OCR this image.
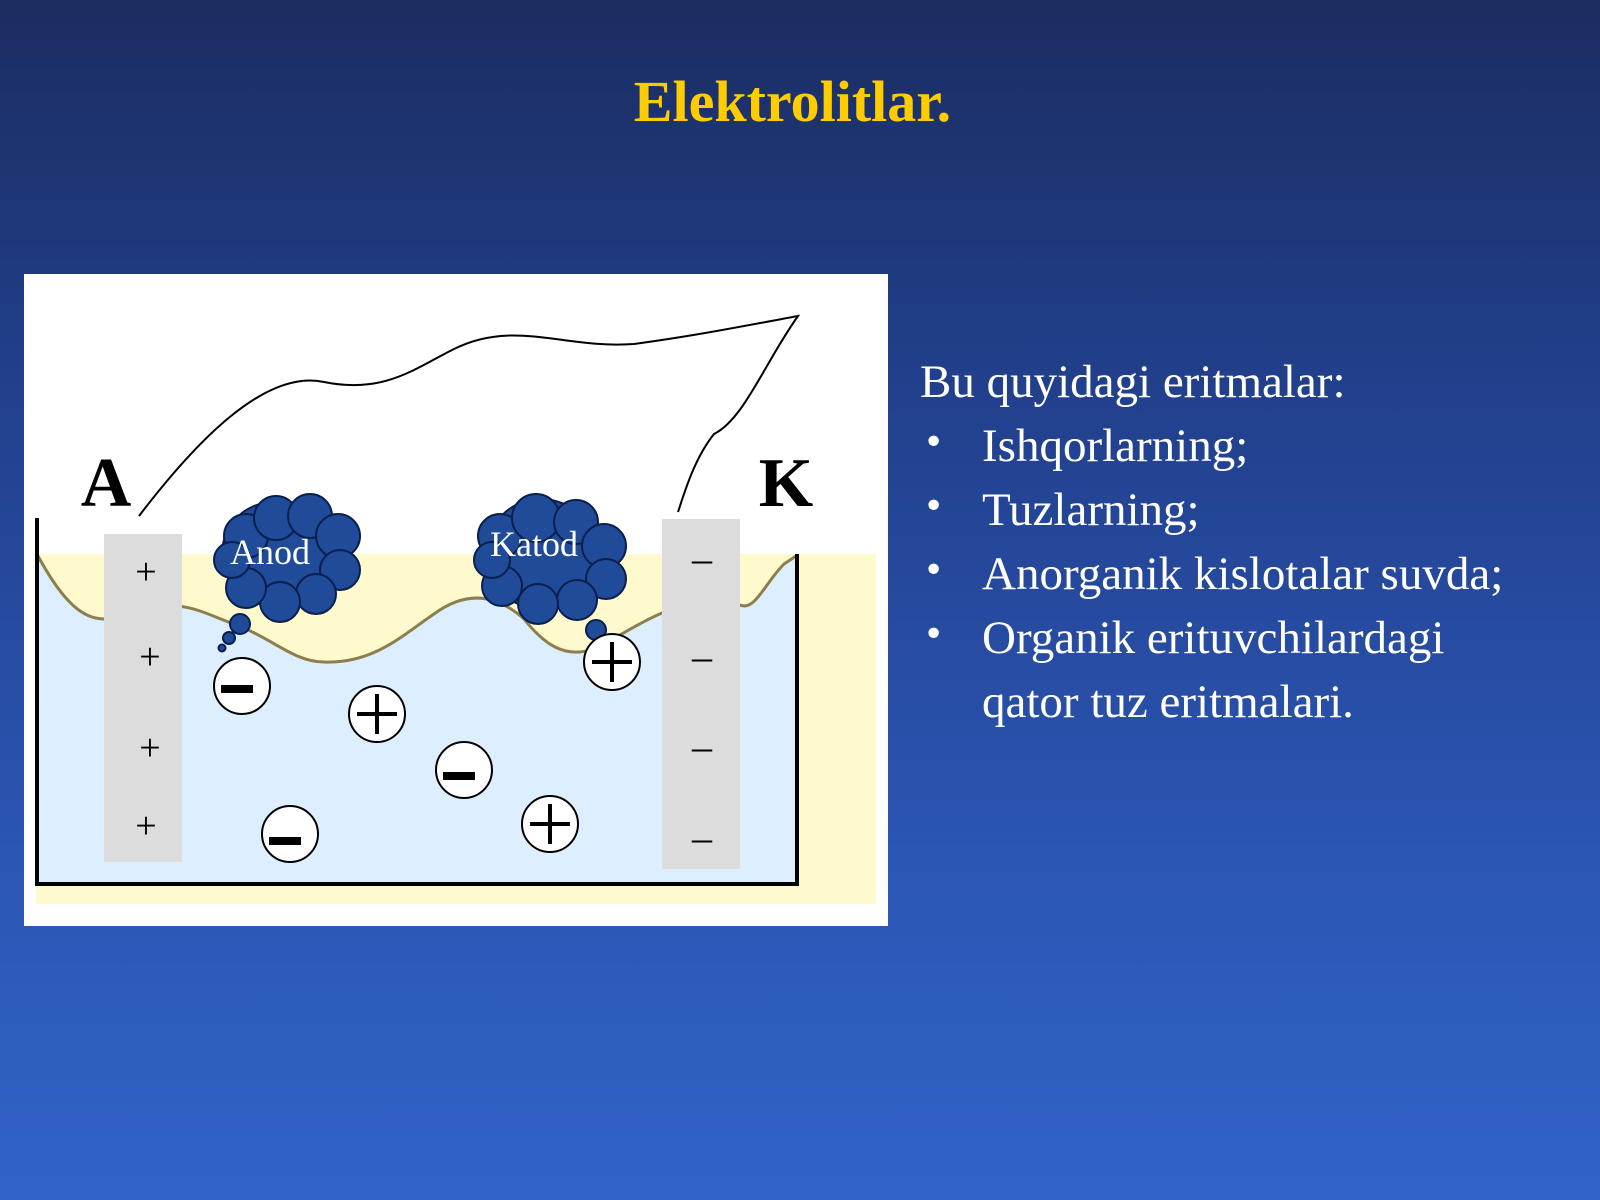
Elektrolitlar.
+
+
+
+
–
–
–
–
A	K
Anod	Katod
Bu quyidagi eritmalar:
• Ishqorlarning;
• Tuzlarning;
• Anorganik kislotalar suvda;
• Organik erituvchilardagi qator tuz eritmalari.
